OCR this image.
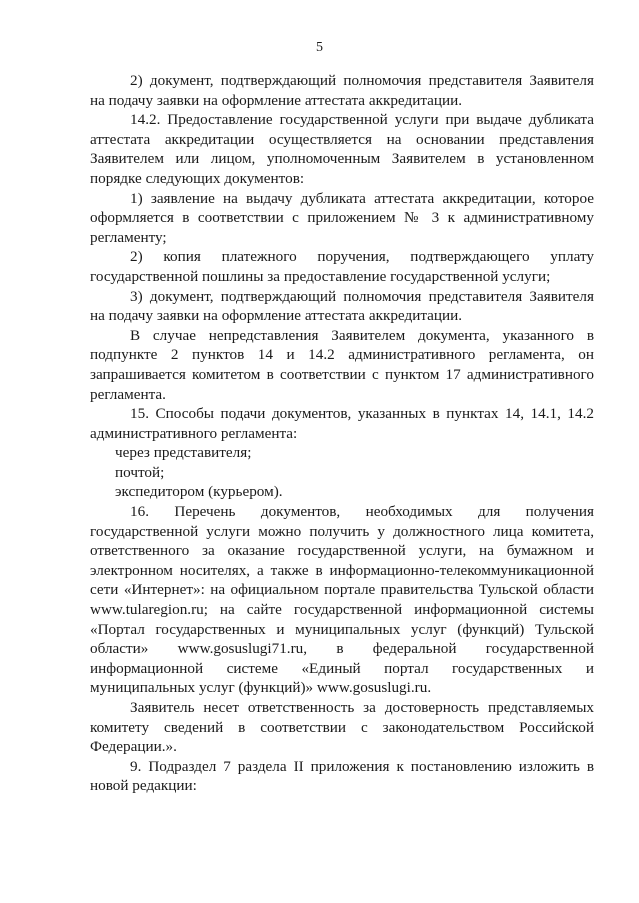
5

2) документ, подтверждающий полномочия представителя Заявителя на подачу заявки на оформление аттестата аккредитации.

14.2. Предоставление государственной услуги при выдаче дубликата аттестата аккредитации осуществляется на основании представления Заявителем или лицом, уполномоченным Заявителем в установленном порядке следующих документов:

1) заявление на выдачу дубликата аттестата аккредитации, которое оформляется в соответствии с приложением № 3 к административному регламенту;

2) копия платежного поручения, подтверждающего уплату государственной пошлины за предоставление государственной услуги;

3) документ, подтверждающий полномочия представителя Заявителя на подачу заявки на оформление аттестата аккредитации.

В случае непредставления Заявителем документа, указанного в подпункте 2 пунктов 14 и 14.2 административного регламента, он запрашивается комитетом в соответствии с пунктом 17 административного регламента.

15. Способы подачи документов, указанных в пунктах 14, 14.1, 14.2 административного регламента:

через представителя;

почтой;

экспедитором (курьером).

16. Перечень документов, необходимых для получения государственной услуги можно получить у должностного лица комитета, ответственного за оказание государственной услуги, на бумажном и электронном носителях, а также в информационно-телекоммуникационной сети «Интернет»: на официальном портале правительства Тульской области www.tularegion.ru; на сайте государственной информационной системы «Портал государственных и муниципальных услуг (функций) Тульской области» www.gosuslugi71.ru, в федеральной государственной информационной системе «Единый портал государственных и муниципальных услуг (функций)» www.gosuslugi.ru.

Заявитель несет ответственность за достоверность представляемых комитету сведений в соответствии с законодательством Российской Федерации.».

9. Подраздел 7 раздела II приложения к постановлению изложить в новой редакции:
